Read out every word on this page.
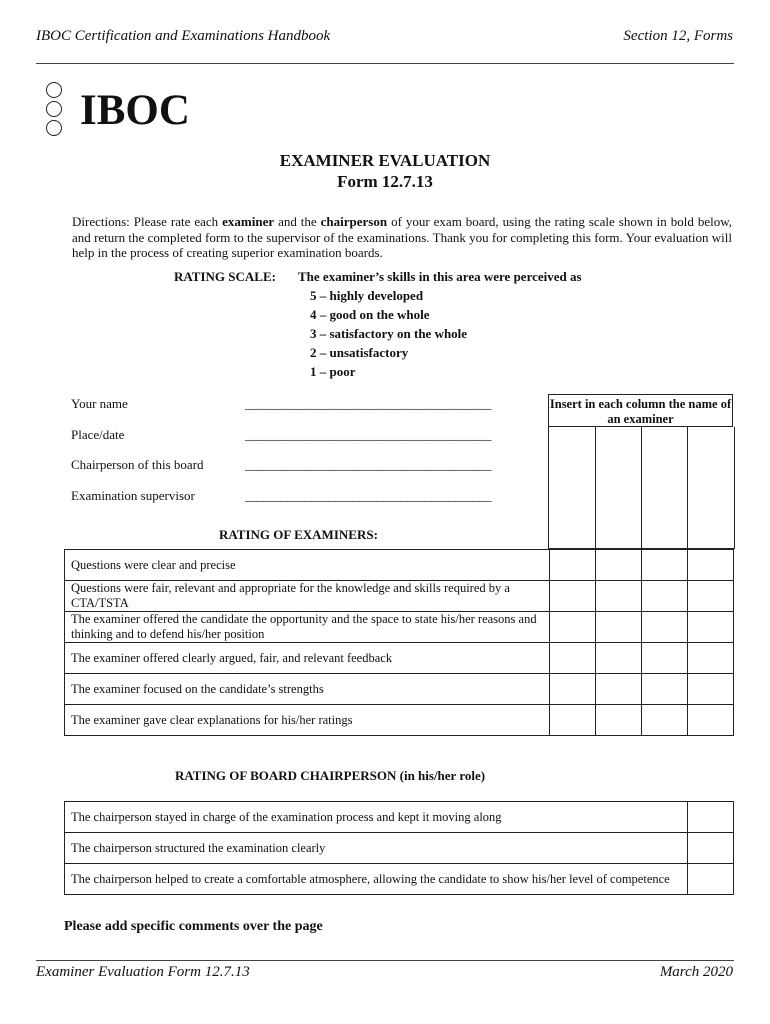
IBOC Certification and Examinations Handbook	Section 12, Forms
IBOC
EXAMINER EVALUATION
Form 12.7.13
Directions: Please rate each examiner and the chairperson of your exam board, using the rating scale shown in bold below, and return the completed form to the supervisor of the examinations. Thank you for completing this form. Your evaluation will help in the process of creating superior examination boards.
RATING SCALE: The examiner’s skills in this area were perceived as
5 – highly developed
4 – good on the whole
3 – satisfactory on the whole
2 – unsatisfactory
1 – poor
Your name	_________________________________________
Place/date	_________________________________________
Chairperson of this board	_________________________________________
Examination supervisor	_________________________________________
Insert in each column the name of an examiner
RATING OF EXAMINERS:
Questions were clear and precise				
Questions were fair, relevant and appropriate for the knowledge and skills required by a CTA/TSTA				
The examiner offered the candidate the opportunity and the space to state his/her reasons and thinking and to defend his/her position				
The examiner offered clearly argued, fair, and relevant feedback				
The examiner focused on the candidate’s strengths				
The examiner gave clear explanations for his/her ratings				
RATING OF BOARD CHAIRPERSON (in his/her role)
The chairperson stayed in charge of the examination process and kept it moving along	
The chairperson structured the examination clearly	
The chairperson helped to create a comfortable atmosphere, allowing the candidate to show his/her level of competence	
Please add specific comments over the page
Examiner Evaluation Form 12.7.13	March 2020
